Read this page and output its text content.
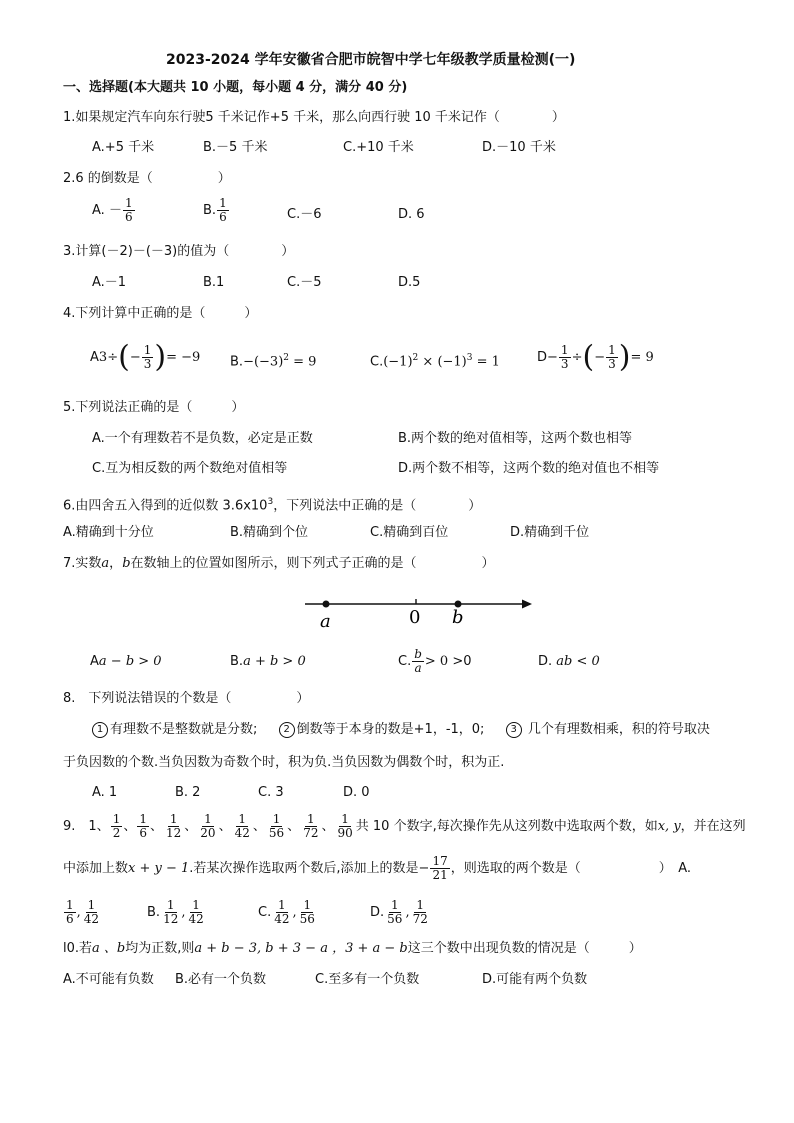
2023-2024 学年安徽省合肥市皖智中学七年级教学质量检测(一)
一、选择题(本大题共 10 小题，每小题 4 分，满分 40 分)
1.如果规定汽车向东行驶5 千米记作+5 千米，那么向西行驶 10 千米记作（　　　　）
A.+5 千米	B.－5 千米	C.+10 千米	D.－10 千米
2.6 的倒数是（　　　　　）
A. － $\frac{1}{6}$	B. $\frac{1}{6}$	C.－6	D. 6
3.计算(－2)－(－3)的值为（　　　　）
A.－1	B.1	C.－5	D.5
4.下列计算中正确的是（　　　）
$A3\div(- \frac{1}{3}$ )= −9 $B.-(-3)^2 = 9$	$C.(-1)^2 \times (-1)^3 = 1$	$D- \frac{1}{3}$ ÷(− $\frac{1}{3}$ )= 9
5.下列说法正确的是（　　　）
A.一个有理数若不是负数，必定是正数	B.两个数的绝对值相等，这两个数也相等
C.互为相反数的两个数绝对值相等	D.两个数不相等，这两个数的绝对值也不相等
6.由四舍五入得到的近似数 $3.6x10^3$，下列说法中正确的是（　　　　）
A.精确到十分位	B.精确到个位	C.精确到百位	D.精确到千位
7.实数a，b在数轴上的位置如图所示，则下列式子正确的是（　　　　　）
a	0 b
Aa − b > 0	B.a + b > 0	C. $\frac{b}{a} > 0 >0$	D. ab < 0
8.　下列说法错误的个数是（　　　　　）
1 有理数不是整数就是分数;　  2 倒数等于本身的数是+1，-1，0;　  3 几个有理数相乘，积的符号取决
于负因数的个数.当负因数为奇数个时，积为负.当负因数为偶数个时，积为正.
A. 1	B. 2	C. 3	D. 0
9.　1、 $\frac{1}{2}$ 、 $\frac{1}{6}$ 、 $\frac{1}{12}$ 、 $\frac{1}{20}$ 、 $\frac{1}{42}$ 、 $\frac{1}{56}$ 、 $\frac{1}{72}$ 、 $\frac{1}{90}$ 共 10 个数字,每次操作先从这列数中选取两个数，如x, y，并在这列
中添加上数x + y − 1.若某次操作选取两个数后,添加上的数是− $\frac{17}{21}$ ，则选取的两个数是（　　　　　　）　A.
$\frac{1}{6}$ , $\frac{1}{42}$	B. $\frac{1}{12}$ , $\frac{1}{42}$	C. $\frac{1}{42}$ , $\frac{1}{56}$	D. $\frac{1}{56}$ , $\frac{1}{72}$
l0.若a 、b均为正数,则a + b − 3, b + 3 − a ，3 + a − b这三个数中出现负数的情况是（　　　）
A.不可能有负数 B.必有一个负数	C.至多有一个负数	D.可能有两个负数
